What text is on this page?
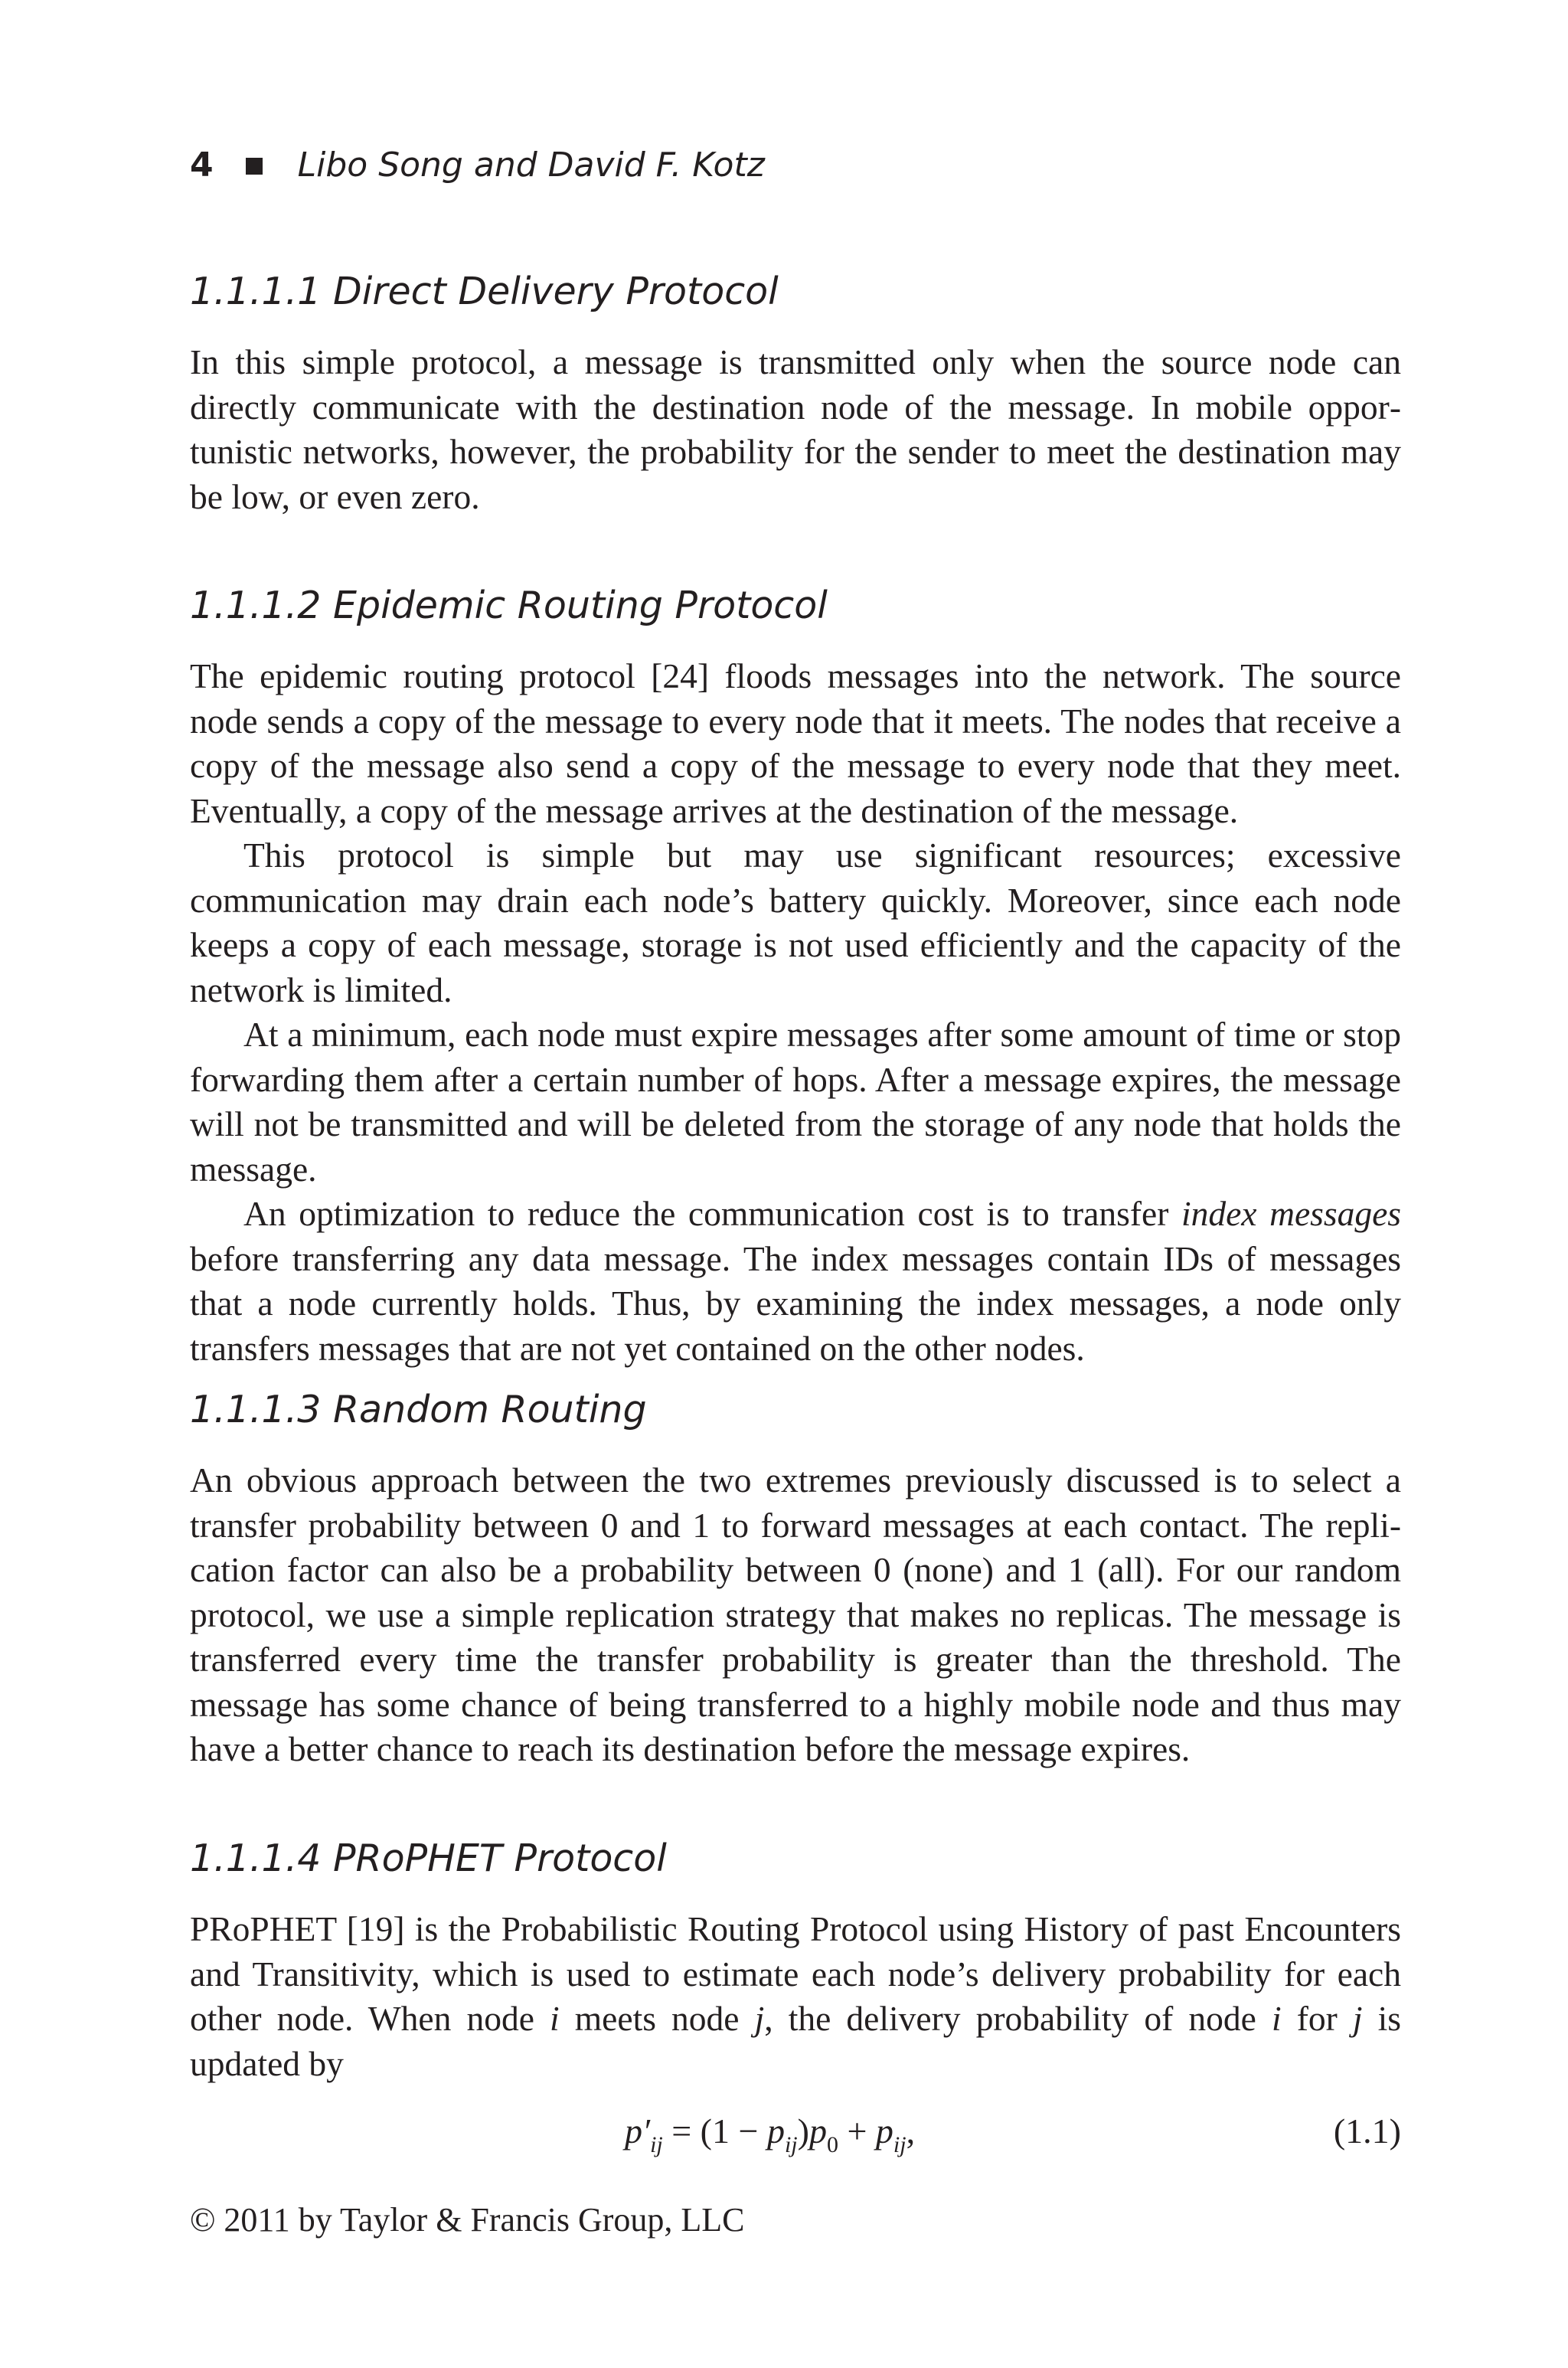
4	Libo Song and David F. Kotz
1.1.1.1 Direct Delivery Protocol

In this simple protocol, a message is transmitted only when the source node can directly communicate with the destination node of the message. In mobile opportunistic networks, however, the probability for the sender to meet the destination may be low, or even zero.

1.1.1.2 Epidemic Routing Protocol

The epidemic routing protocol [24] floods messages into the network. The source node sends a copy of the message to every node that it meets. The nodes that receive a copy of the message also send a copy of the message to every node that they meet. Eventually, a copy of the message arrives at the destination of the message.

This protocol is simple but may use significant resources; excessive communication may drain each node’s battery quickly. Moreover, since each node keeps a copy of each message, storage is not used efficiently and the capacity of the network is limited.

At a minimum, each node must expire messages after some amount of time or stop forwarding them after a certain number of hops. After a message expires, the message will not be transmitted and will be deleted from the storage of any node that holds the message.

An optimization to reduce the communication cost is to transfer index messages before transferring any data message. The index messages contain IDs of messages that a node currently holds. Thus, by examining the index messages, a node only transfers messages that are not yet contained on the other nodes.

1.1.1.3 Random Routing

An obvious approach between the two extremes previously discussed is to select a transfer probability between 0 and 1 to forward messages at each contact. The replication factor can also be a probability between 0 (none) and 1 (all). For our random protocol, we use a simple replication strategy that makes no replicas. The message is transferred every time the transfer probability is greater than the threshold. The message has some chance of being transferred to a highly mobile node and thus may have a better chance to reach its destination before the message expires.

1.1.1.4 PRoPHET Protocol

PRoPHET [19] is the Probabilistic Routing Protocol using History of past Encounters and Transitivity, which is used to estimate each node’s delivery probability for each other node. When node i meets node j, the delivery probability of node i for j is updated by

$p'_{ij} = (1 - p_{ij})p_0 + p_{ij}$,	(1.1)
© 2011 by Taylor & Francis Group, LLC
